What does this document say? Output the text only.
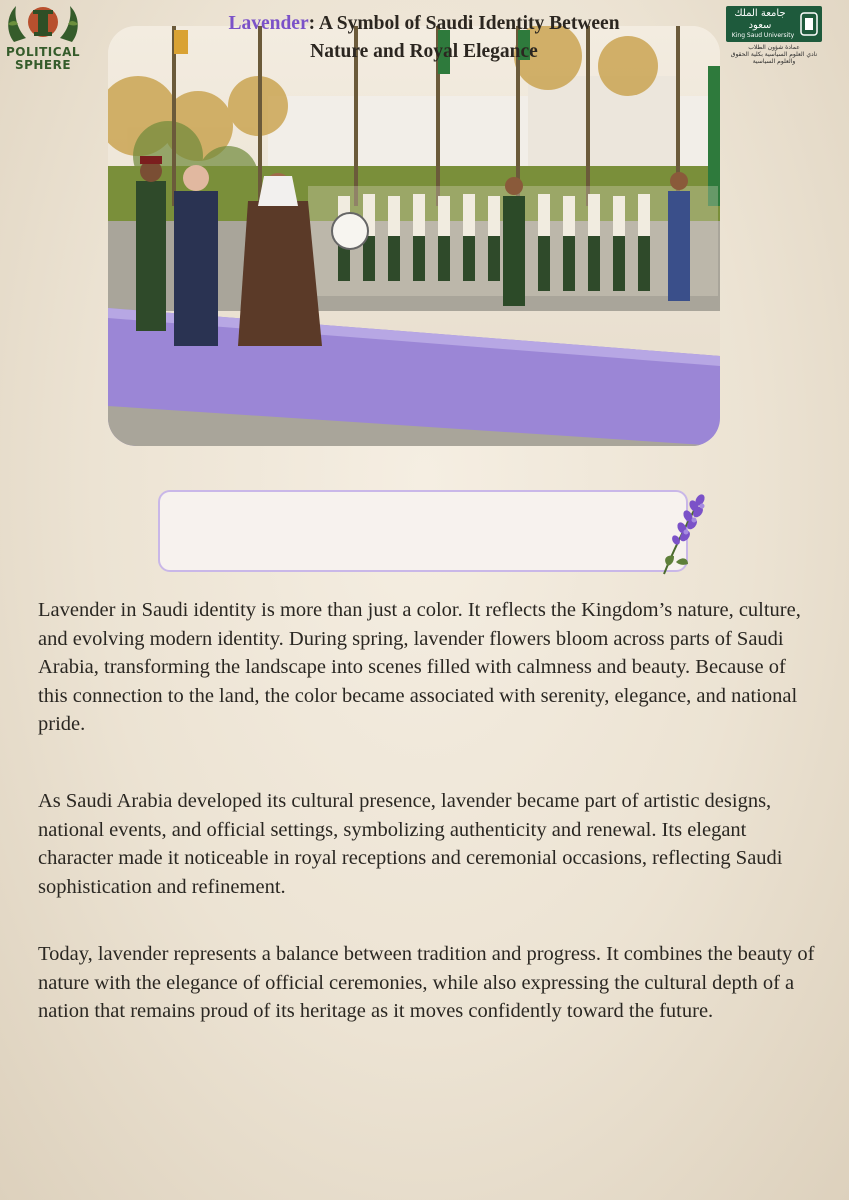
POLITICAL
SPHERE
جامعة الملك سعود
King Saud University
عمادة شؤون الطلاب
نادي العلوم السياسية بكلية الحقوق والعلوم السياسية
Lavender: A Symbol of Saudi Identity Between
Nature and Royal Elegance

Lavender in Saudi identity is more than just a color. It reflects the Kingdom’s nature, culture, and evolving modern identity. During spring, lavender flowers bloom across parts of Saudi Arabia, transforming the landscape into scenes filled with calmness and beauty. Because of this connection to the land, the color became associated with serenity, elegance, and national pride.

As Saudi Arabia developed its cultural presence, lavender became part of artistic designs, national events, and official settings, symbolizing authenticity and renewal. Its elegant character made it noticeable in royal receptions and ceremonial occasions, reflecting Saudi sophistication and refinement.

Today, lavender represents a balance between tradition and progress. It combines the beauty of nature with the elegance of official ceremonies, while also expressing the cultural depth of a nation that remains proud of its heritage as it moves confidently toward the future.
